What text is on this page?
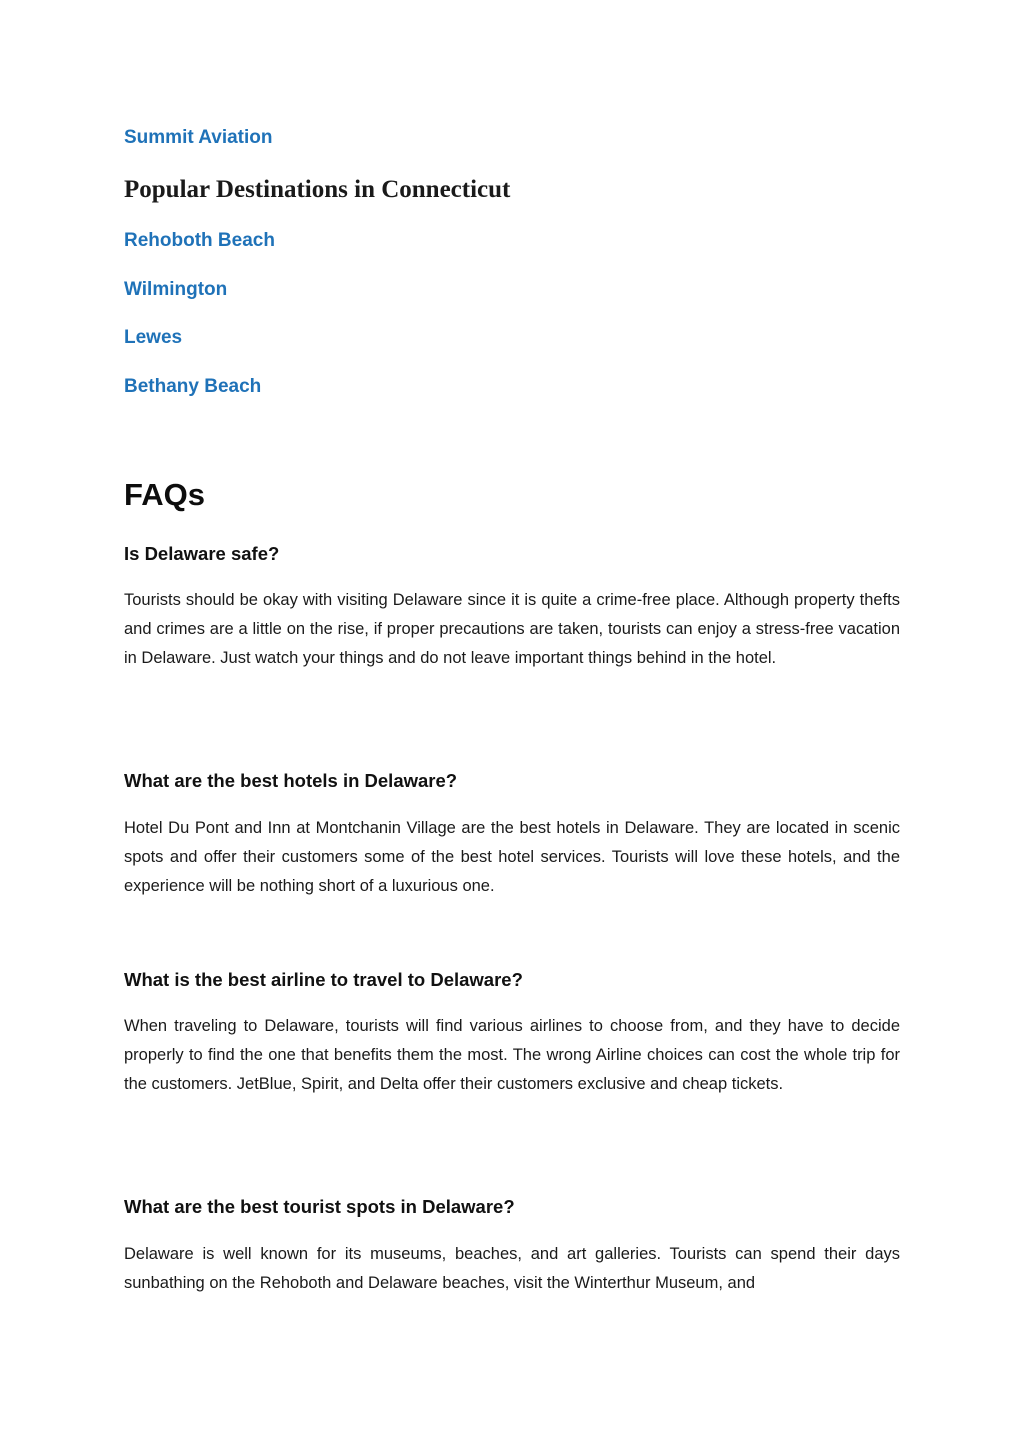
Summit Aviation
Popular Destinations in Connecticut
Rehoboth Beach
Wilmington
Lewes
Bethany Beach
FAQs
Is Delaware safe?

Tourists should be okay with visiting Delaware since it is quite a crime-free place. Although property thefts and crimes are a little on the rise, if proper precautions are taken, tourists can enjoy a stress-free vacation in Delaware. Just watch your things and do not leave important things behind in the hotel.

What are the best hotels in Delaware?

Hotel Du Pont and Inn at Montchanin Village are the best hotels in Delaware. They are located in scenic spots and offer their customers some of the best hotel services. Tourists will love these hotels, and the experience will be nothing short of a luxurious one.

What is the best airline to travel to Delaware?

When traveling to Delaware, tourists will find various airlines to choose from, and they have to decide properly to find the one that benefits them the most. The wrong Airline choices can cost the whole trip for the customers. JetBlue, Spirit, and Delta offer their customers exclusive and cheap tickets.

What are the best tourist spots in Delaware?

Delaware is well known for its museums, beaches, and art galleries. Tourists can spend their days sunbathing on the Rehoboth and Delaware beaches, visit the Winterthur Museum, and
